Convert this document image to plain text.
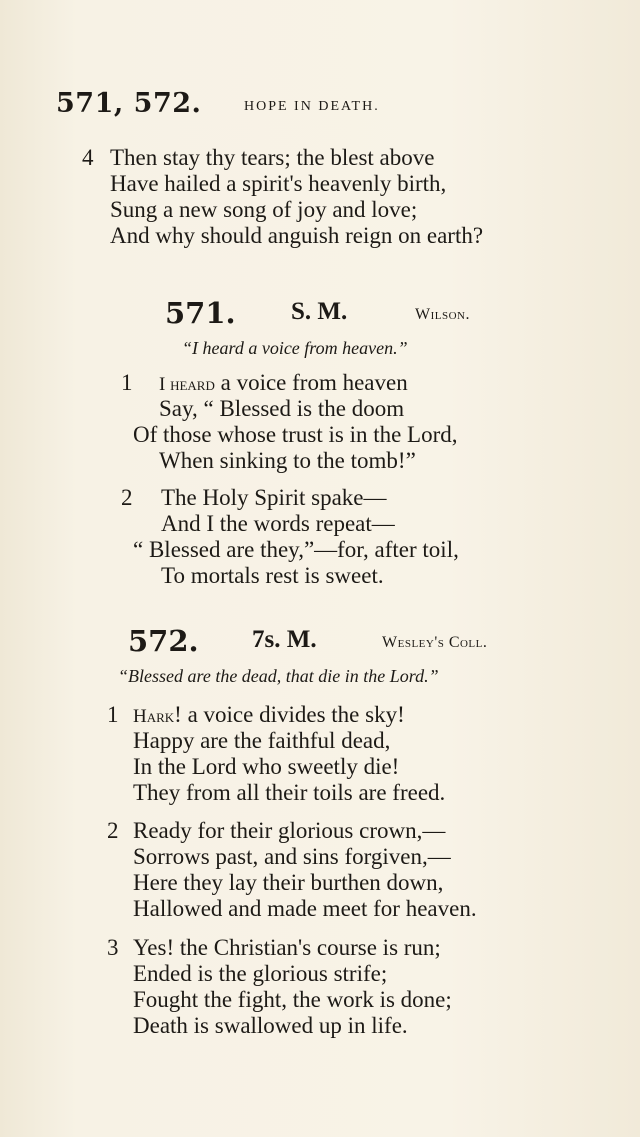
571, 572.	HOPE IN DEATH.
4 Then stay thy tears; the blest above
Have hailed a spirit's heavenly birth,
Sung a new song of joy and love;
And why should anguish reign on earth?
571. S. M.	Wilson.
“I heard a voice from heaven.”
1 I heard a voice from heaven
Say, “ Blessed is the doom
Of those whose trust is in the Lord,
When sinking to the tomb!”
2 The Holy Spirit spake—
And I the words repeat—
“ Blessed are they,”—for, after toil,
To mortals rest is sweet.
572. 7s. M.	Wesley's Coll.
“Blessed are the dead, that die in the Lord.”
1 Hark! a voice divides the sky!
Happy are the faithful dead,
In the Lord who sweetly die!
They from all their toils are freed.
2 Ready for their glorious crown,—
Sorrows past, and sins forgiven,—
Here they lay their burthen down,
Hallowed and made meet for heaven.
3 Yes! the Christian's course is run;
Ended is the glorious strife;
Fought the fight, the work is done;
Death is swallowed up in life.
